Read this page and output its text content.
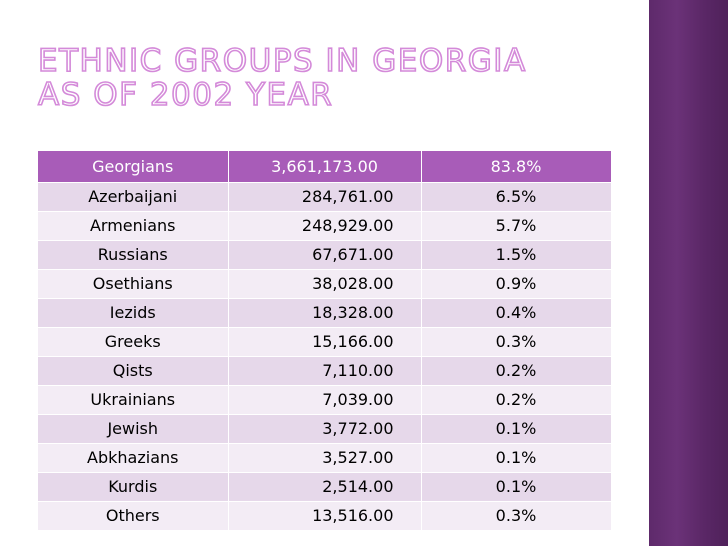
ETHNIC GROUPS IN GEORGIA
AS OF 2002 YEAR
Georgians	3,661,173.00	83.8%
Azerbaijani	284,761.00	6.5%
Armenians	248,929.00	5.7%
Russians	67,671.00	1.5%
Osethians	38,028.00	0.9%
Iezids	18,328.00	0.4%
Greeks	15,166.00	0.3%
Qists	7,110.00	0.2%
Ukrainians	7,039.00	0.2%
Jewish	3,772.00	0.1%
Abkhazians	3,527.00	0.1%
Kurdis	2,514.00	0.1%
Others	13,516.00	0.3%
